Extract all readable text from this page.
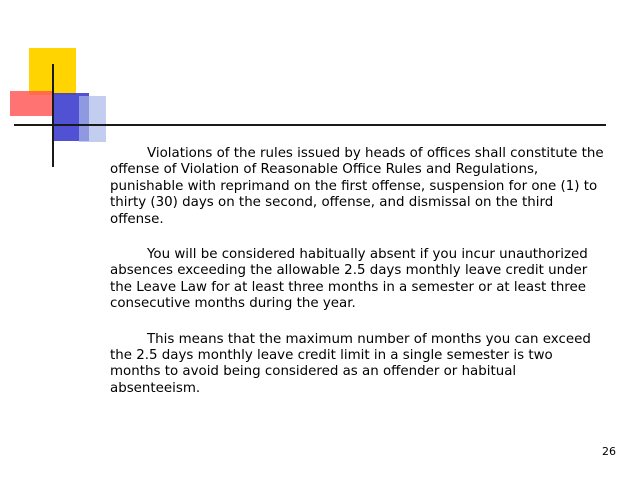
Violations of the rules issued by heads of offices shall constitute the offense of Violation of Reasonable Office Rules and Regulations, punishable with reprimand on the first offense, suspension for one (1) to thirty (30) days on the second, offense, and dismissal on the third offense.

You will be considered habitually absent if you incur unauthorized absences exceeding the allowable 2.5 days monthly leave credit under the Leave Law for at least three months in a semester or at least three consecutive months during the year.

This means that the maximum number of months you can exceed the 2.5 days monthly leave credit limit in a single semester is two months to avoid being considered as an offender or habitual absenteeism.

26
